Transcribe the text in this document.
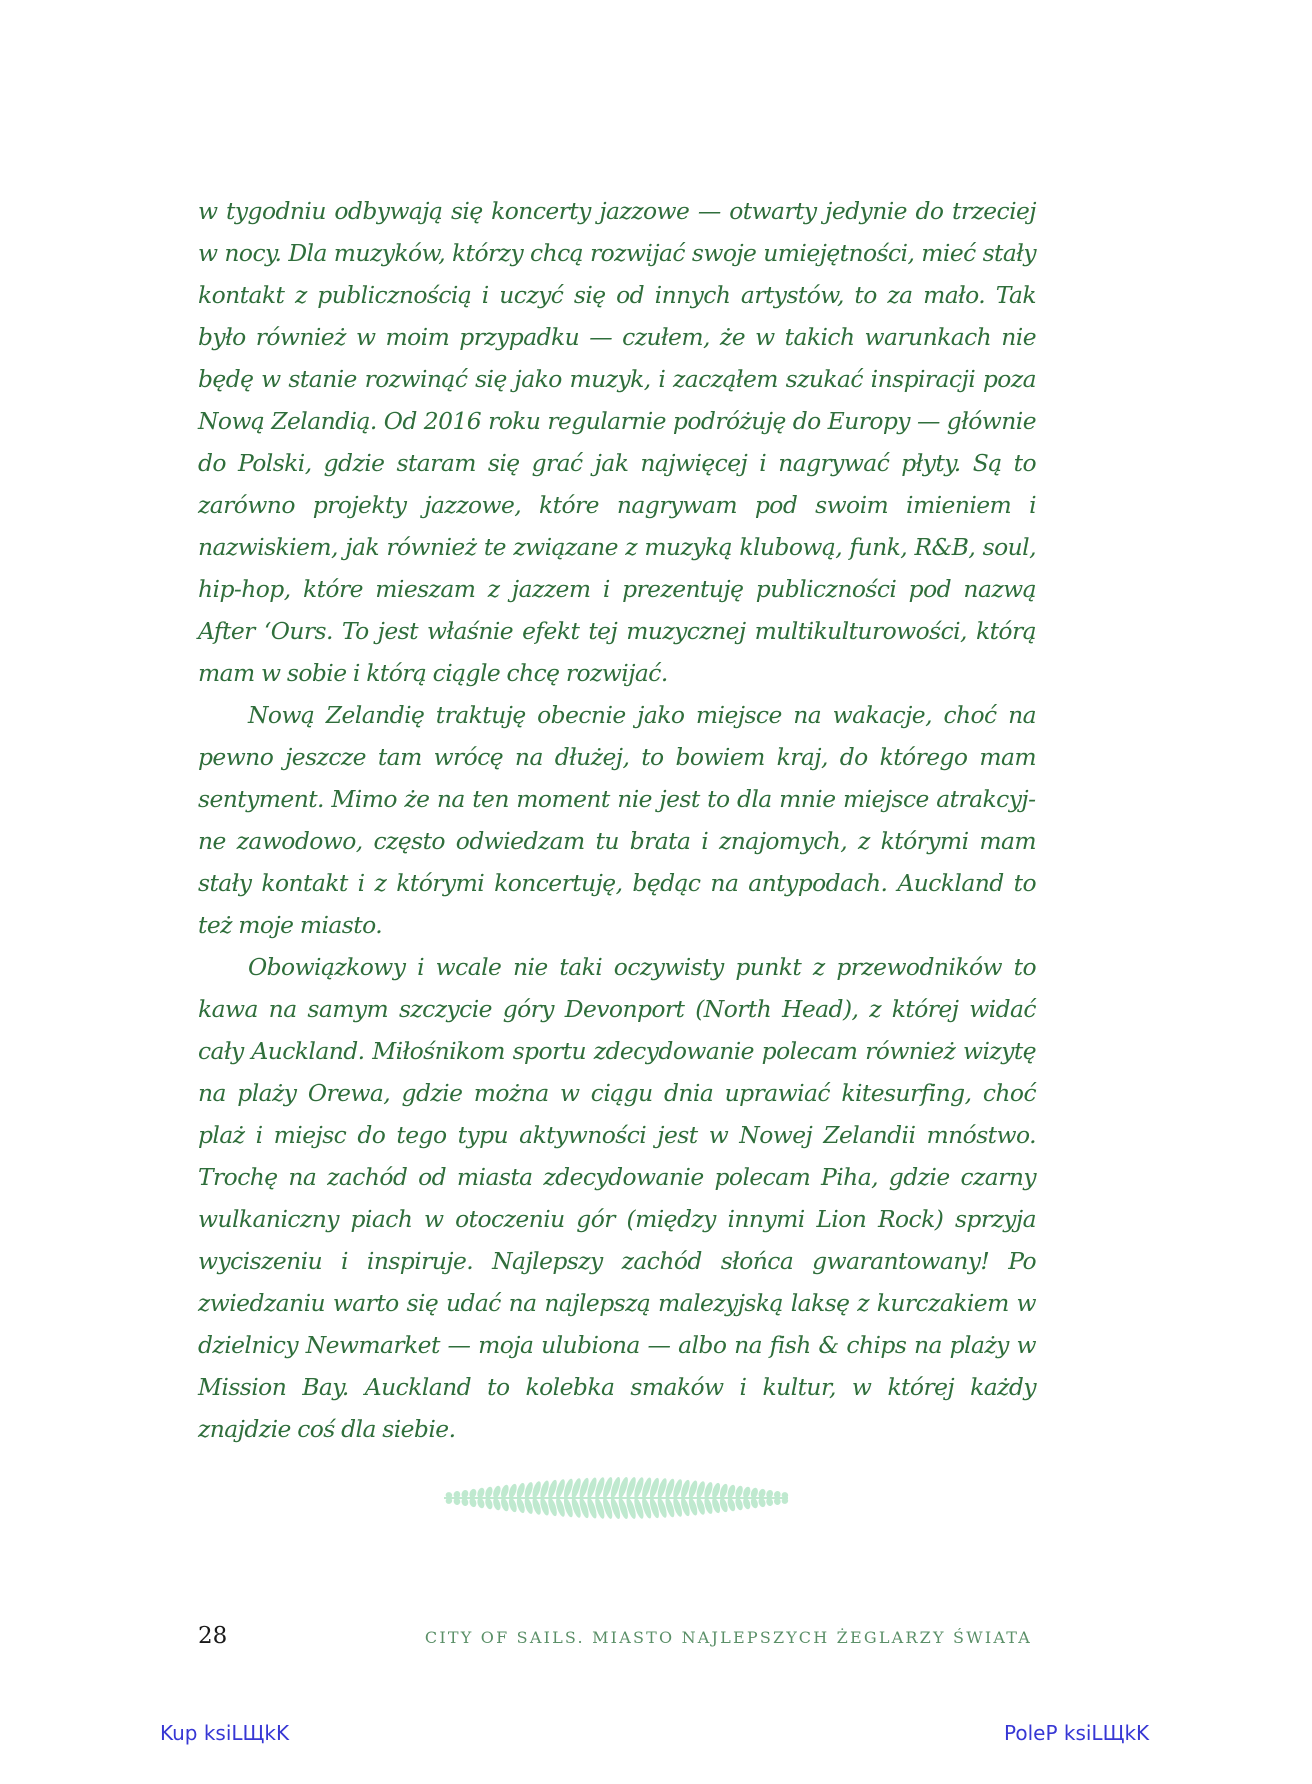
w tygodniu odbywają się koncerty jazzowe — otwarty jedynie do trzeciej w nocy. Dla muzyków, którzy chcą rozwijać swoje umiejętności, mieć stały kontakt z publicznością i uczyć się od innych artystów, to za mało. Tak było również w moim przypadku — czułem, że w takich warunkach nie będę w stanie rozwinąć się jako muzyk, i zacząłem szukać inspiracji poza Nową Zelandią. Od 2016 roku regularnie podróżuję do Europy — głównie do Polski, gdzie staram się grać jak najwięcej i nagrywać płyty. Są to zarówno projekty jazzowe, które nagrywam pod swoim imieniem i nazwiskiem, jak również te związane z muzyką klubową, funk, R&B, soul, hip-hop, które mieszam z jazzem i prezentuję publiczności pod nazwą After ‘Ours. To jest właśnie efekt tej muzycznej multikulturowości, którą mam w sobie i którą ciągle chcę rozwijać.

Nową Zelandię traktuję obecnie jako miejsce na wakacje, choć na pewno jeszcze tam wrócę na dłużej, to bowiem kraj, do którego mam sentyment. Mimo że na ten moment nie jest to dla mnie miejsce atrakcyjne zawodowo, często odwiedzam tu brata i znajomych, z którymi mam stały kontakt i z którymi koncertuję, będąc na antypodach. Auckland to też moje miasto.

Obowiązkowy i wcale nie taki oczywisty punkt z przewodników to kawa na samym szczycie góry Devonport (North Head), z której widać cały Auckland. Miłośnikom sportu zdecydowanie polecam również wizytę na plaży Orewa, gdzie można w ciągu dnia uprawiać kitesurfing, choć plaż i miejsc do tego typu aktywności jest w Nowej Zelandii mnóstwo. Trochę na zachód od miasta zdecydowanie polecam Piha, gdzie czarny wulkaniczny piach w otoczeniu gór (między innymi Lion Rock) sprzyja wyciszeniu i inspiruje. Najlepszy zachód słońca gwarantowany! Po zwiedzaniu warto się udać na najlepszą malezyjską laksę z kurczakiem w dzielnicy Newmarket — moja ulubiona — albo na fish & chips na plaży w Mission Bay. Auckland to kolebka smaków i kultur, w której każdy znajdzie coś dla siebie.

28	CITY OF SAILS. MIASTO NAJLEPSZYCH ŻEGLARZY ŚWIATA
Kup ksiLЩkK	PoleP ksiLЩkK
